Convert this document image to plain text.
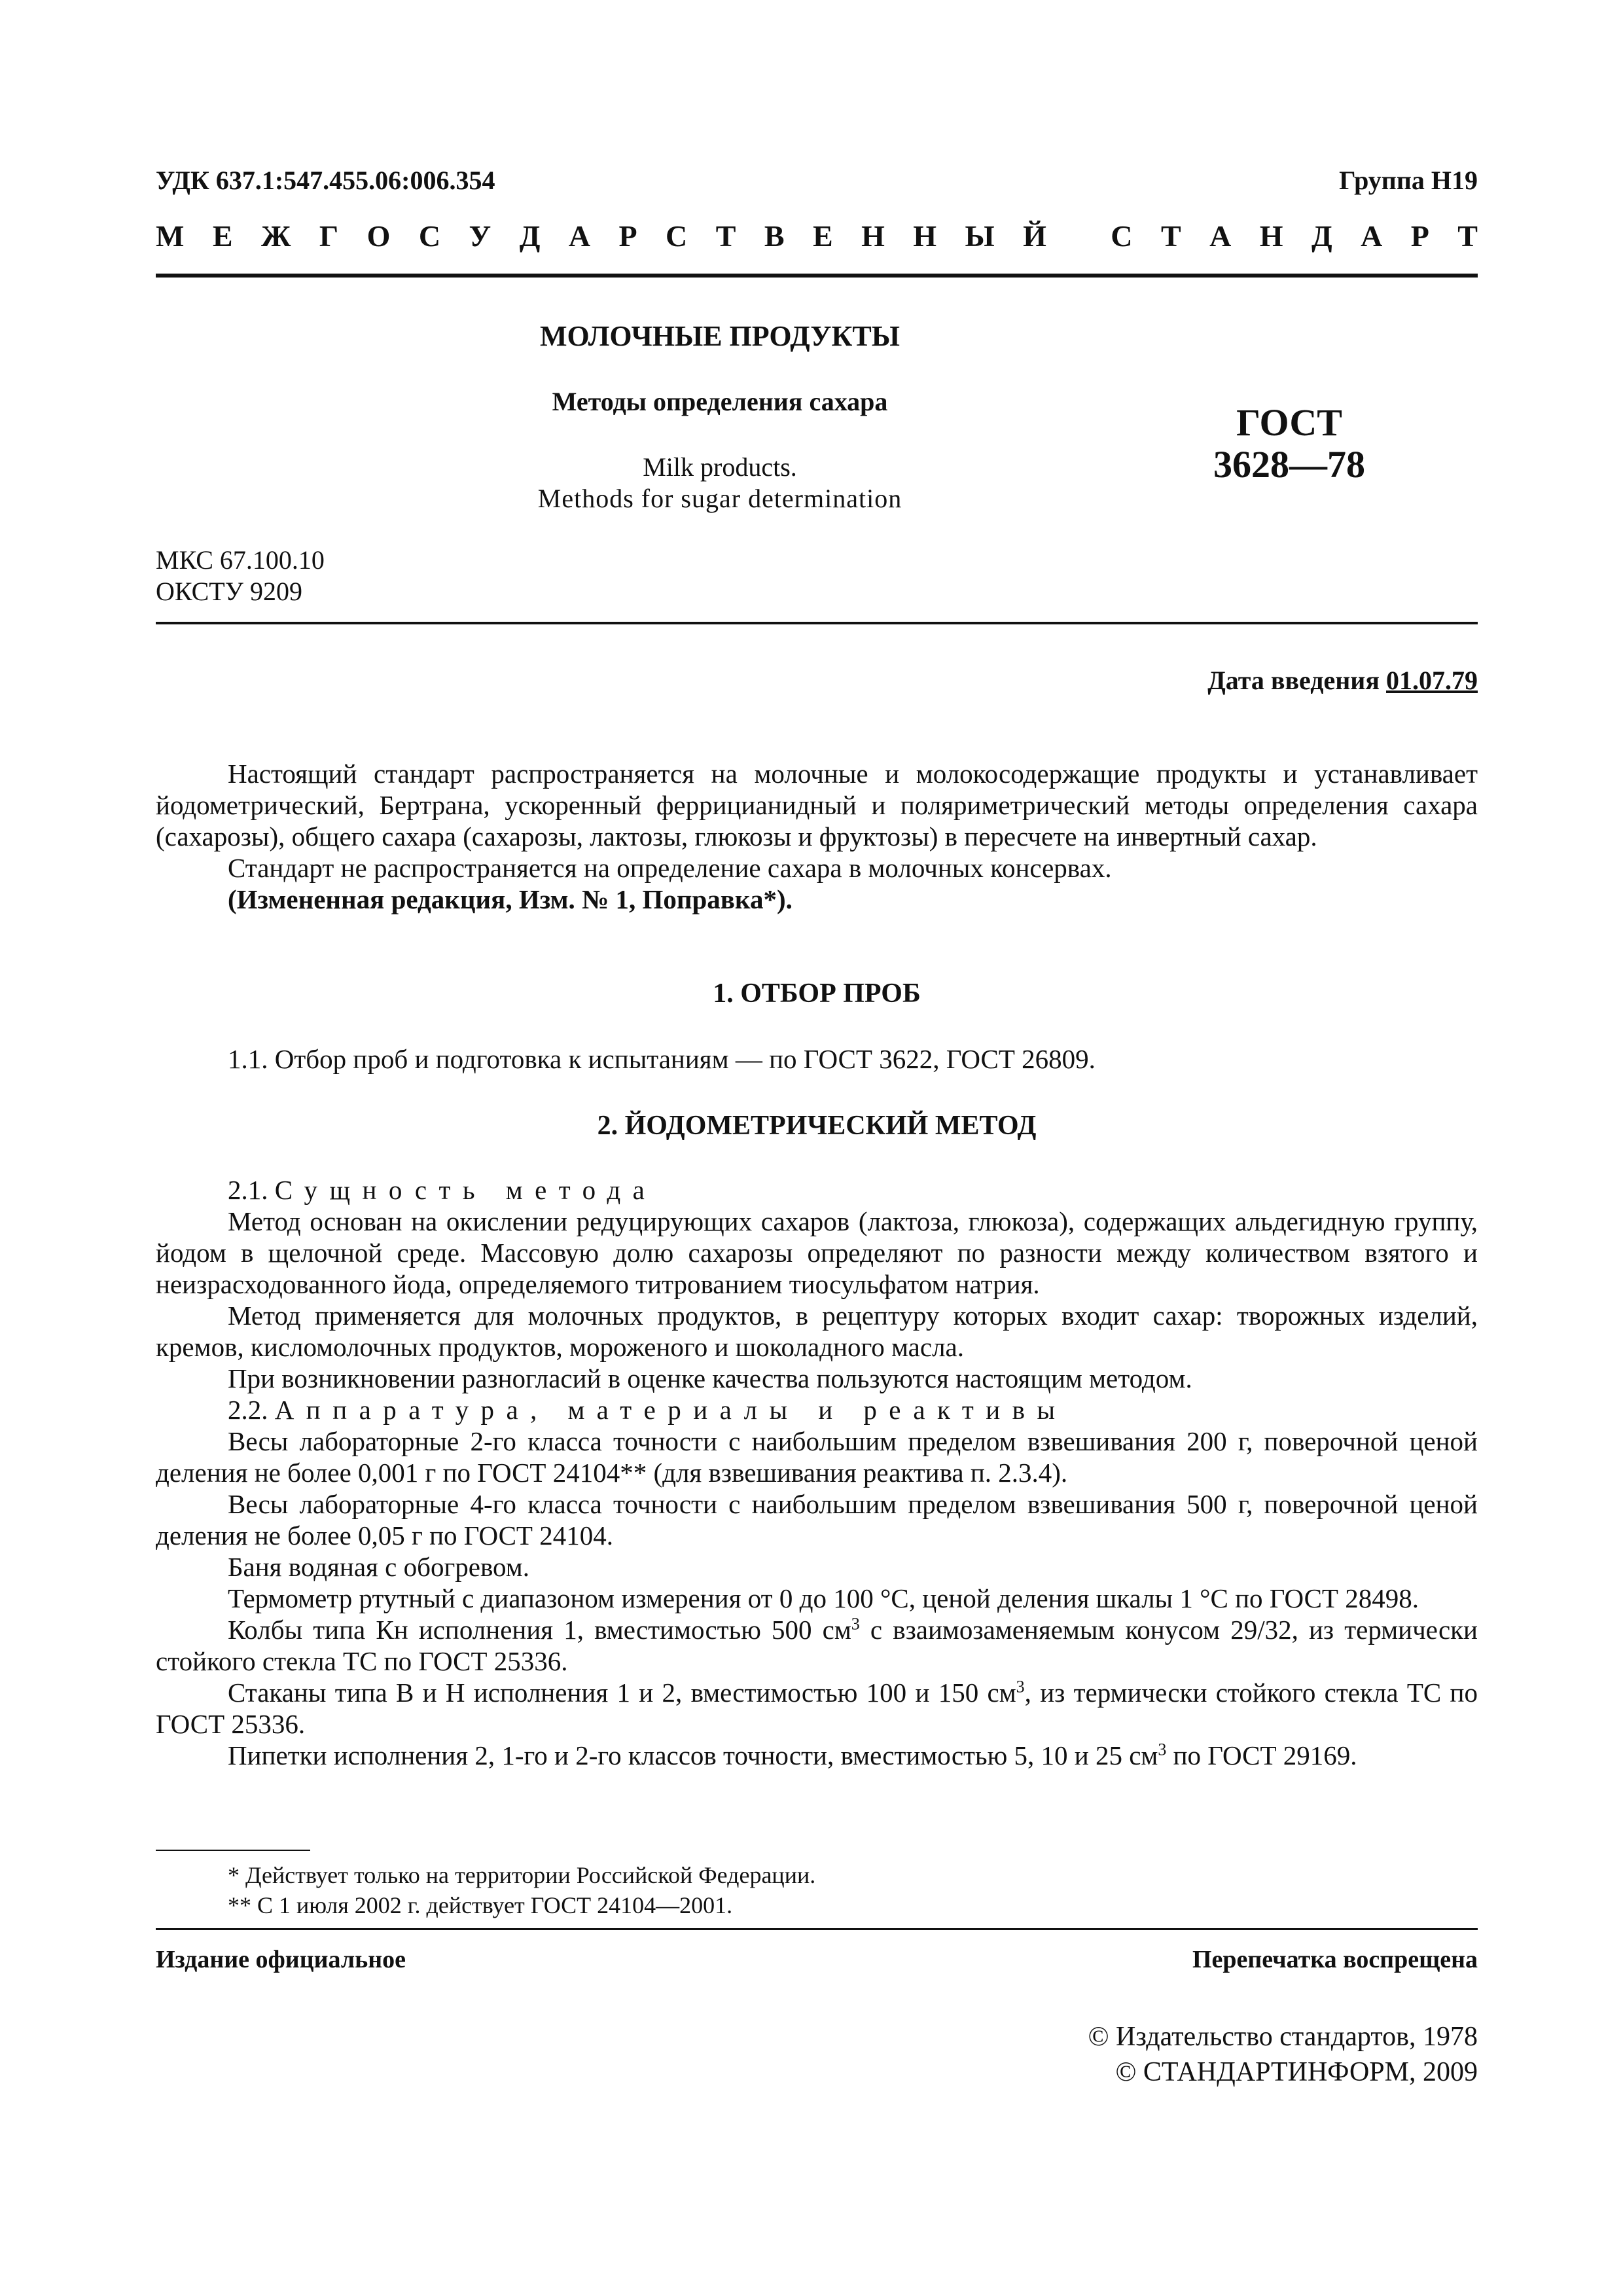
УДК 637.1:547.455.06:006.354	Группа Н19
М Е Ж Г О С У Д А Р С Т В Е Н Н Ы Й
С Т А Н Д А Р Т
МОЛОЧНЫЕ ПРОДУКТЫ
Методы определения сахара
Milk products.
Methods for sugar determination
ГОСТ
3628—78
МКС 67.100.10
ОКСТУ 9209
Дата введения 01.07.79

Настоящий стандарт распространяется на молочные и молокосодержащие продукты и устанавливает йодометрический, Бертрана, ускоренный феррицианидный и поляриметрический методы определения сахара (сахарозы), общего сахара (сахарозы, лактозы, глюкозы и фруктозы) в пересчете на инвертный сахар.

Стандарт не распространяется на определение сахара в молочных консервах.

(Измененная редакция, Изм. № 1, Поправка*).

1. ОТБОР ПРОБ

1.1. Отбор проб и подготовка к испытаниям — по ГОСТ 3622, ГОСТ 26809.

2. ЙОДОМЕТРИЧЕСКИЙ МЕТОД

2.1. Сущность метода

Метод основан на окислении редуцирующих сахаров (лактоза, глюкоза), содержащих альдегидную группу, йодом в щелочной среде. Массовую долю сахарозы определяют по разности между количеством взятого и неизрасходованного йода, определяемого титрованием тиосульфатом натрия.

Метод применяется для молочных продуктов, в рецептуру которых входит сахар: творожных изделий, кремов, кисломолочных продуктов, мороженого и шоколадного масла.

При возникновении разногласий в оценке качества пользуются настоящим методом.

2.2. Аппаратура, материалы и реактивы

Весы лабораторные 2-го класса точности с наибольшим пределом взвешивания 200 г, поверочной ценой деления не более 0,001 г по ГОСТ 24104** (для взвешивания реактива п. 2.3.4).

Весы лабораторные 4-го класса точности с наибольшим пределом взвешивания 500 г, поверочной ценой деления не более 0,05 г по ГОСТ 24104.

Баня водяная с обогревом.

Термометр ртутный с диапазоном измерения от 0 до 100 °С, ценой деления шкалы 1 °С по ГОСТ 28498.

Колбы типа Кн исполнения 1, вместимостью 500 $см^3$ с взаимозаменяемым конусом 29/32, из термически стойкого стекла ТС по ГОСТ 25336.

Стаканы типа В и Н исполнения 1 и 2, вместимостью 100 и 150 $см^3$, из термически стойкого стекла ТС по ГОСТ 25336.

Пипетки исполнения 2, 1-го и 2-го классов точности, вместимостью 5, 10 и 25 $см^3$ по ГОСТ 29169.

* Действует только на территории Российской Федерации.
** С 1 июля 2002 г. действует ГОСТ 24104—2001.
Издание официальное	Перепечатка воспрещена
© Издательство стандартов, 1978
© СТАНДАРТИНФОРМ, 2009
